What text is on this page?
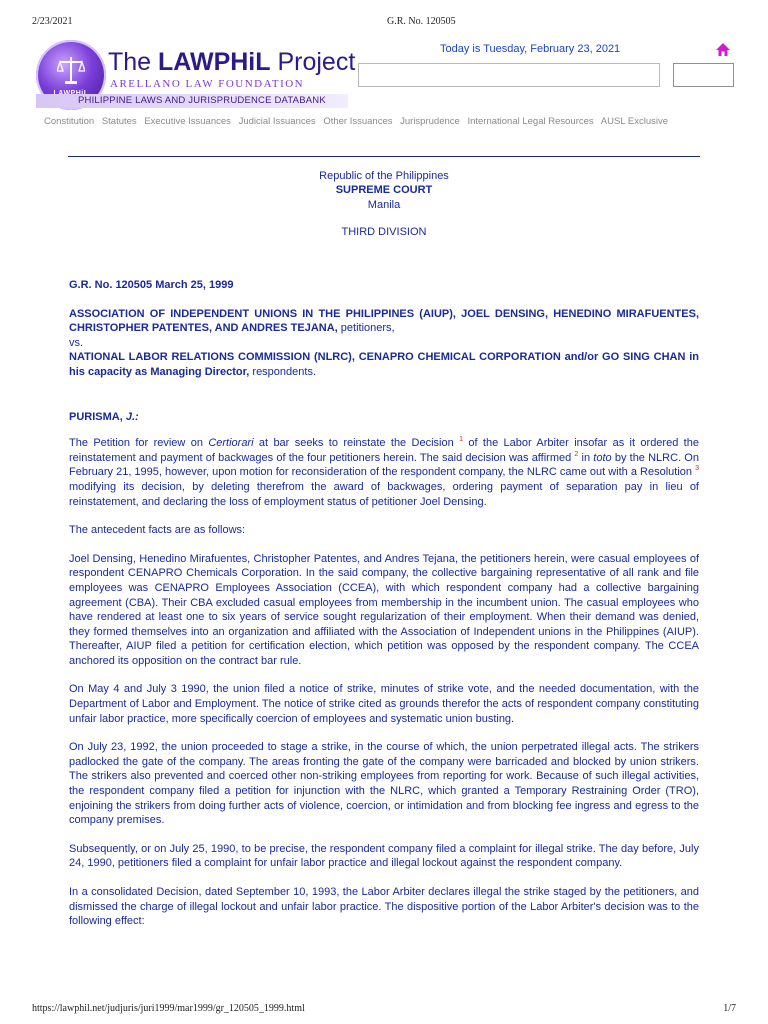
2/23/2021	G.R. No. 120505
The LAWPHiL Project
ARELLANO LAW FOUNDATION
PHILIPPINE LAWS AND JURISPRUDENCE DATABANK
Today is Tuesday, February 23, 2021
Constitution Statutes Executive Issuances Judicial Issuances Other Issuances Jurisprudence International Legal Resources AUSL Exclusive
Republic of the Philippines
SUPREME COURT
Manila
THIRD DIVISION

G.R. No. 120505 March 25, 1999

ASSOCIATION OF INDEPENDENT UNIONS IN THE PHILIPPINES (AIUP), JOEL DENSING, HENEDINO MIRAFUENTES, CHRISTOPHER PATENTES, AND ANDRES TEJANA, petitioners,

vs.

NATIONAL LABOR RELATIONS COMMISSION (NLRC), CENAPRO CHEMICAL CORPORATION and/or GO SING CHAN in his capacity as Managing Director, respondents.

PURISMA, J.:

The Petition for review on Certiorari at bar seeks to reinstate the Decision $^1$ of the Labor Arbiter insofar as it ordered the reinstatement and payment of backwages of the four petitioners herein. The said decision was affirmed $^2$ in toto by the NLRC. On February 21, 1995, however, upon motion for reconsideration of the respondent company, the NLRC came out with a Resolution $^3$ modifying its decision, by deleting therefrom the award of backwages, ordering payment of separation pay in lieu of reinstatement, and declaring the loss of employment status of petitioner Joel Densing.

The antecedent facts are as follows:

Joel Densing, Henedino Mirafuentes, Christopher Patentes, and Andres Tejana, the petitioners herein, were casual employees of respondent CENAPRO Chemicals Corporation. In the said company, the collective bargaining representative of all rank and file employees was CENAPRO Employees Association (CCEA), with which respondent company had a collective bargaining agreement (CBA). Their CBA excluded casual employees from membership in the incumbent union. The casual employees who have rendered at least one to six years of service sought regularization of their employment. When their demand was denied, they formed themselves into an organization and affiliated with the Association of Independent unions in the Philippines (AIUP). Thereafter, AIUP filed a petition for certification election, which petition was opposed by the respondent company. The CCEA anchored its opposition on the contract bar rule.

On May 4 and July 3 1990, the union filed a notice of strike, minutes of strike vote, and the needed documentation, with the Department of Labor and Employment. The notice of strike cited as grounds therefor the acts of respondent company constituting unfair labor practice, more specifically coercion of employees and systematic union busting.

On July 23, 1992, the union proceeded to stage a strike, in the course of which, the union perpetrated illegal acts. The strikers padlocked the gate of the company. The areas fronting the gate of the company were barricaded and blocked by union strikers. The strikers also prevented and coerced other non-striking employees from reporting for work. Because of such illegal activities, the respondent company filed a petition for injunction with the NLRC, which granted a Temporary Restraining Order (TRO), enjoining the strikers from doing further acts of violence, coercion, or intimidation and from blocking fee ingress and egress to the company premises.

Subsequently, or on July 25, 1990, to be precise, the respondent company filed a complaint for illegal strike. The day before, July 24, 1990, petitioners filed a complaint for unfair labor practice and illegal lockout against the respondent company.

In a consolidated Decision, dated September 10, 1993, the Labor Arbiter declares illegal the strike staged by the petitioners, and dismissed the charge of illegal lockout and unfair labor practice. The dispositive portion of the Labor Arbiter's decision was to the following effect:

https://lawphil.net/judjuris/juri1999/mar1999/gr_120505_1999.html	1/7
